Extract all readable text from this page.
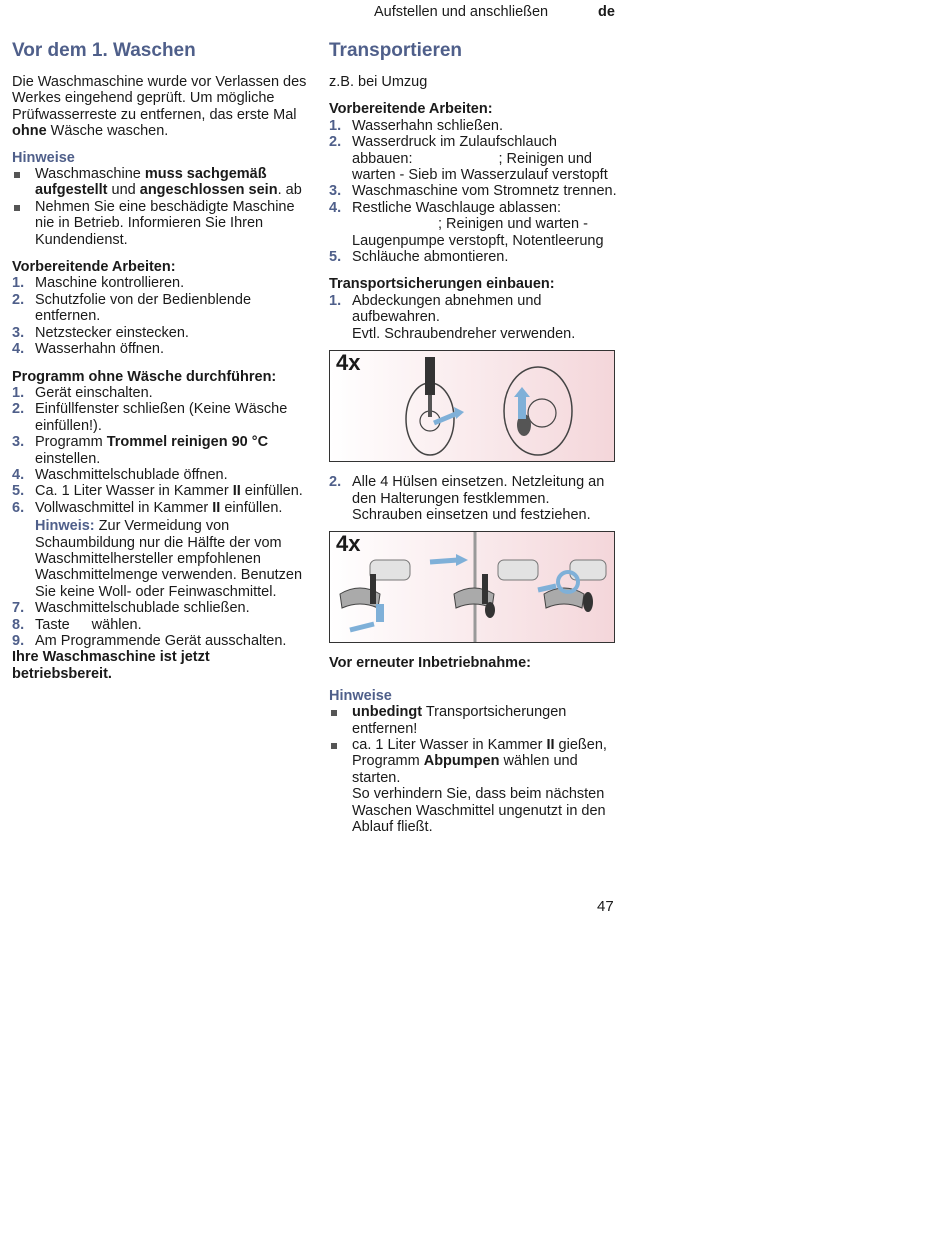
Aufstellen und anschließen	de
Vor dem 1. Waschen

Die Waschmaschine wurde vor Verlassen des Werkes eingehend geprüft. Um mögliche Prüfwasserreste zu entfernen, das erste Mal ohne Wäsche waschen.

Hinweise
Waschmaschine muss sachgemäß aufgestellt und angeschlossen sein. ab
Nehmen Sie eine beschädigte Maschine nie in Betrieb. Informieren Sie Ihren Kundendienst.
Vorbereitende Arbeiten:
1. Maschine kontrollieren.
2. Schutzfolie von der Bedienblende entfernen.
3. Netzstecker einstecken.
4. Wasserhahn öffnen.
Programm ohne Wäsche durchführen:
1. Gerät einschalten.
2. Einfüllfenster schließen (Keine Wäsche einfüllen!).
3. Programm Trommel reinigen 90 °C einstellen.
4. Waschmittelschublade öffnen.
5. Ca. 1 Liter Wasser in Kammer II einfüllen.
6. Vollwaschmittel in Kammer II einfüllen.
Hinweis: Zur Vermeidung von Schaumbildung nur die Hälfte der vom Waschmittelhersteller empfohlenen Waschmittelmenge verwenden. Benutzen Sie keine Woll- oder Feinwaschmittel.
7. Waschmittelschublade schließen.
8. Taste wählen.
9. Am Programmende Gerät ausschalten.
Ihre Waschmaschine ist jetzt betriebsbereit.
Transportieren

z.B. bei Umzug

Vorbereitende Arbeiten:
1. Wasserhahn schließen.
2. Wasserdruck im Zulaufschlauch abbauen:	; Reinigen und warten - Sieb im Wasserzulauf verstopft
3. Waschmaschine vom Stromnetz trennen.
4. Restliche Waschlauge ablassen:; Reinigen und warten - Laugenpumpe verstopft, Notentleerung
5. Schläuche abmontieren.
Transportsicherungen einbauen:
1. Abdeckungen abnehmen und aufbewahren.
Evtl. Schraubendreher verwenden.
4x
2. Alle 4 Hülsen einsetzen. Netzleitung an den Halterungen festklemmen. Schrauben einsetzen und festziehen.
4x
Vor erneuter Inbetriebnahme:
Hinweise
unbedingt Transportsicherungen entfernen!
ca. 1 Liter Wasser in Kammer II gießen, Programm Abpumpen wählen und starten.
So verhindern Sie, dass beim nächsten Waschen Waschmittel ungenutzt in den Ablauf fließt.
47
